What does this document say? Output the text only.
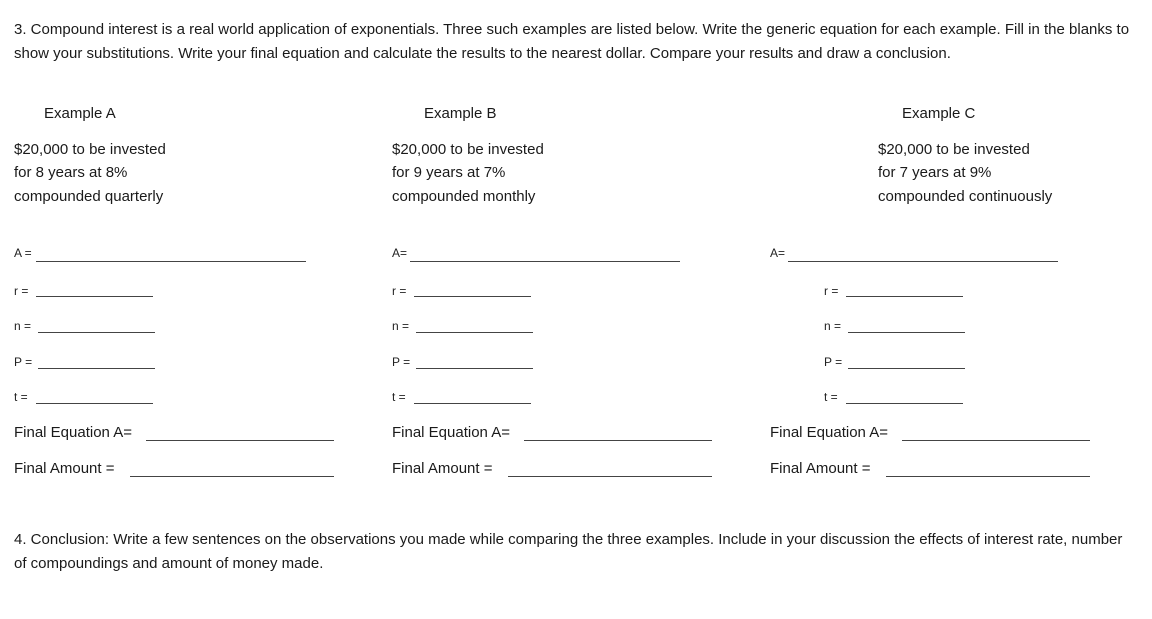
3. Compound interest is a real world application of exponentials. Three such examples are listed below. Write the generic equation for each example. Fill in the blanks to show your substitutions. Write your final equation and calculate the results to the nearest dollar. Compare your results and draw a conclusion.
Example A
$20,000 to be invested
for 8 years at 8%
compounded quarterly
A =
r =
n =
P =
t =
Final Equation A=
Final Amount =
Example B
$20,000 to be invested
for 9 years at 7%
compounded monthly
A=
r =
n =
P =
t =
Final Equation A=
Final Amount =
Example C
$20,000 to be invested
for 7 years at 9%
compounded continuously
A=
r =
n =
P =
t =
Final Equation A=
Final Amount =
4. Conclusion: Write a few sentences on the observations you made while comparing the three examples. Include in your discussion the effects of interest rate, number of compoundings and amount of money made.
